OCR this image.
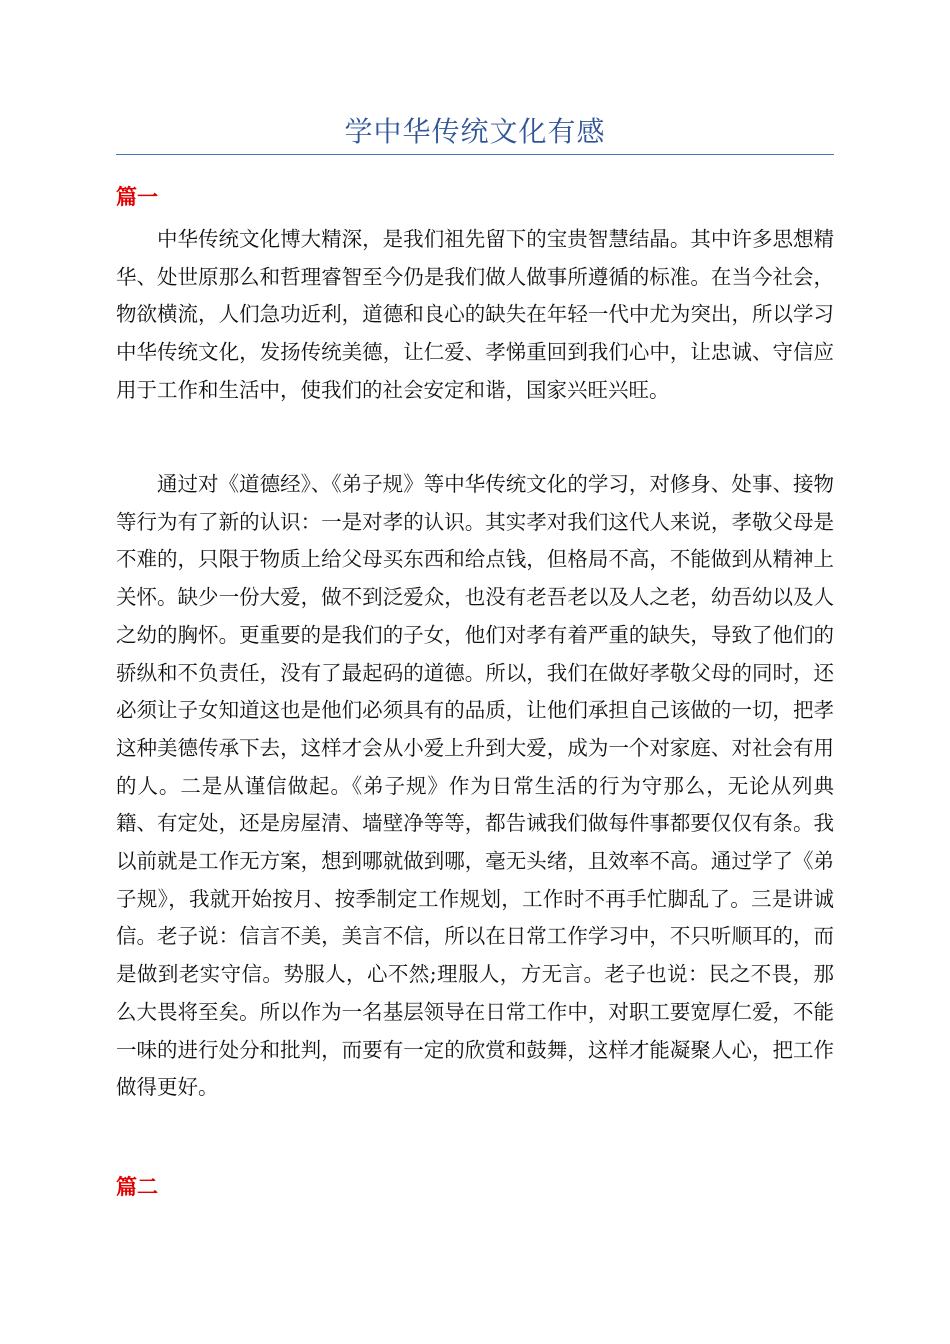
学中华传统文化有感
篇一

中华传统文化博大精深，是我们祖先留下的宝贵智慧结晶。其中许多思想精华、处世原那么和哲理睿智至今仍是我们做人做事所遵循的标准。在当今社会，物欲横流，人们急功近利，道德和良心的缺失在年轻一代中尤为突出，所以学习中华传统文化，发扬传统美德，让仁爱、孝悌重回到我们心中，让忠诚、守信应用于工作和生活中，使我们的社会安定和谐，国家兴旺兴旺。

通过对《道德经》、《弟子规》等中华传统文化的学习，对修身、处事、接物等行为有了新的认识：一是对孝的认识。其实孝对我们这代人来说，孝敬父母是不难的，只限于物质上给父母买东西和给点钱，但格局不高，不能做到从精神上关怀。缺少一份大爱，做不到泛爱众，也没有老吾老以及人之老，幼吾幼以及人之幼的胸怀。更重要的是我们的子女，他们对孝有着严重的缺失，导致了他们的骄纵和不负责任，没有了最起码的道德。所以，我们在做好孝敬父母的同时，还必须让子女知道这也是他们必须具有的品质，让他们承担自己该做的一切，把孝这种美德传承下去，这样才会从小爱上升到大爱，成为一个对家庭、对社会有用的人。二是从谨信做起。《弟子规》作为日常生活的行为守那么，无论从列典籍、有定处，还是房屋清、墙壁净等等，都告诫我们做每件事都要仅仅有条。我以前就是工作无方案，想到哪就做到哪，毫无头绪，且效率不高。通过学了《弟子规》，我就开始按月、按季制定工作规划，工作时不再手忙脚乱了。三是讲诚信。老子说：信言不美，美言不信，所以在日常工作学习中，不只听顺耳的，而是做到老实守信。势服人，心不然;理服人，方无言。老子也说：民之不畏，那么大畏将至矣。所以作为一名基层领导在日常工作中，对职工要宽厚仁爱，不能一味的进行处分和批判，而要有一定的欣赏和鼓舞，这样才能凝聚人心，把工作做得更好。

篇二
